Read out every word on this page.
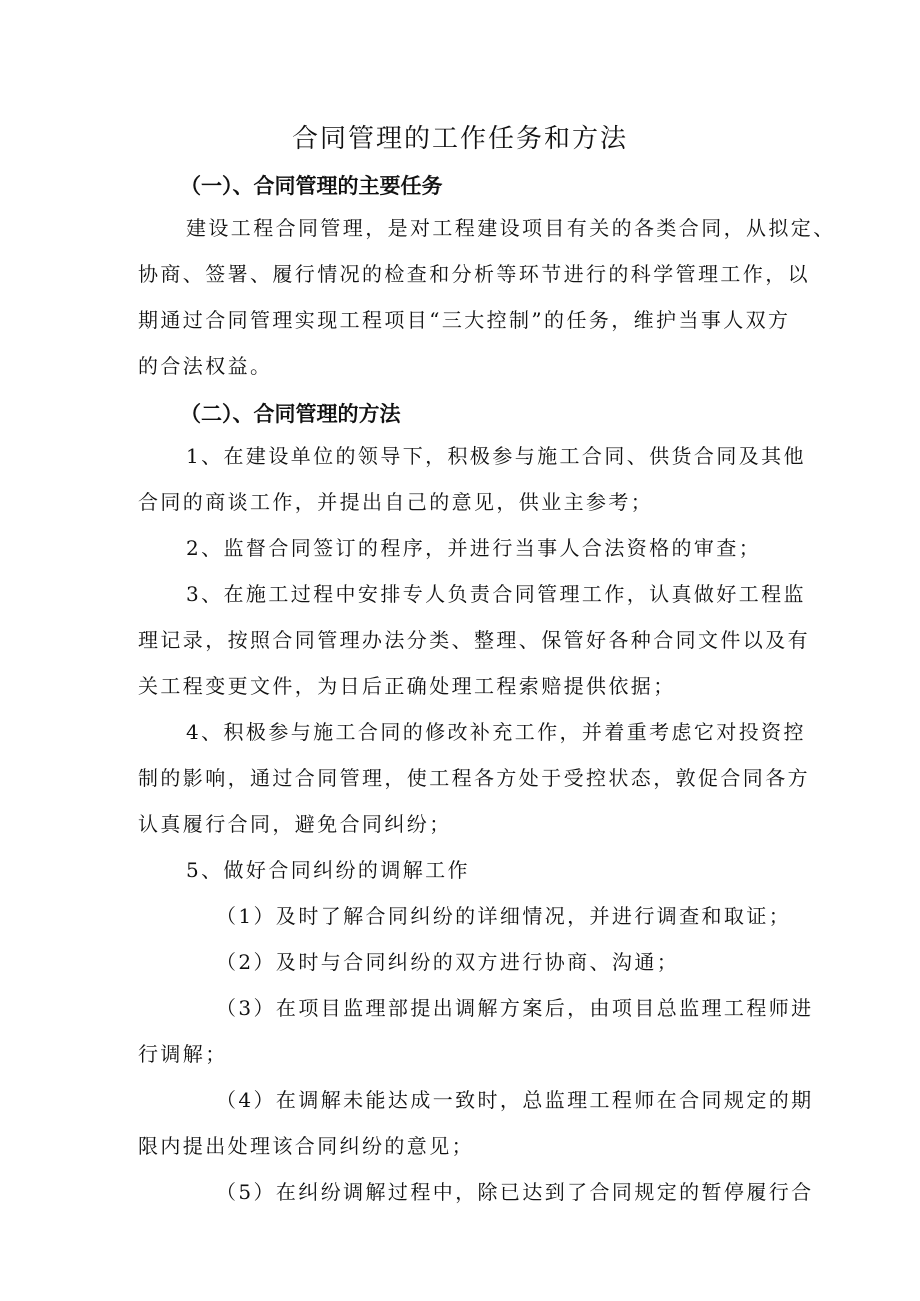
合同管理的工作任务和方法
（一）、合同管理的主要任务
建设工程合同管理，是对工程建设项目有关的各类合同，从拟定、
协商、签署、履行情况的检查和分析等环节进行的科学管理工作，以
期通过合同管理实现工程项目“三大控制”的任务，维护当事人双方
的合法权益。
（二）、合同管理的方法
1、在建设单位的领导下，积极参与施工合同、供货合同及其他
合同的商谈工作，并提出自己的意见，供业主参考；
2、监督合同签订的程序，并进行当事人合法资格的审查；
3、在施工过程中安排专人负责合同管理工作，认真做好工程监
理记录，按照合同管理办法分类、整理、保管好各种合同文件以及有
关工程变更文件，为日后正确处理工程索赔提供依据；
4、积极参与施工合同的修改补充工作，并着重考虑它对投资控
制的影响，通过合同管理，使工程各方处于受控状态，敦促合同各方
认真履行合同，避免合同纠纷；
5、做好合同纠纷的调解工作
（1）及时了解合同纠纷的详细情况，并进行调查和取证；
（2）及时与合同纠纷的双方进行协商、沟通；
（3）在项目监理部提出调解方案后，由项目总监理工程师进
行调解；
（4）在调解未能达成一致时，总监理工程师在合同规定的期
限内提出处理该合同纠纷的意见；
（5）在纠纷调解过程中，除已达到了合同规定的暂停履行合
